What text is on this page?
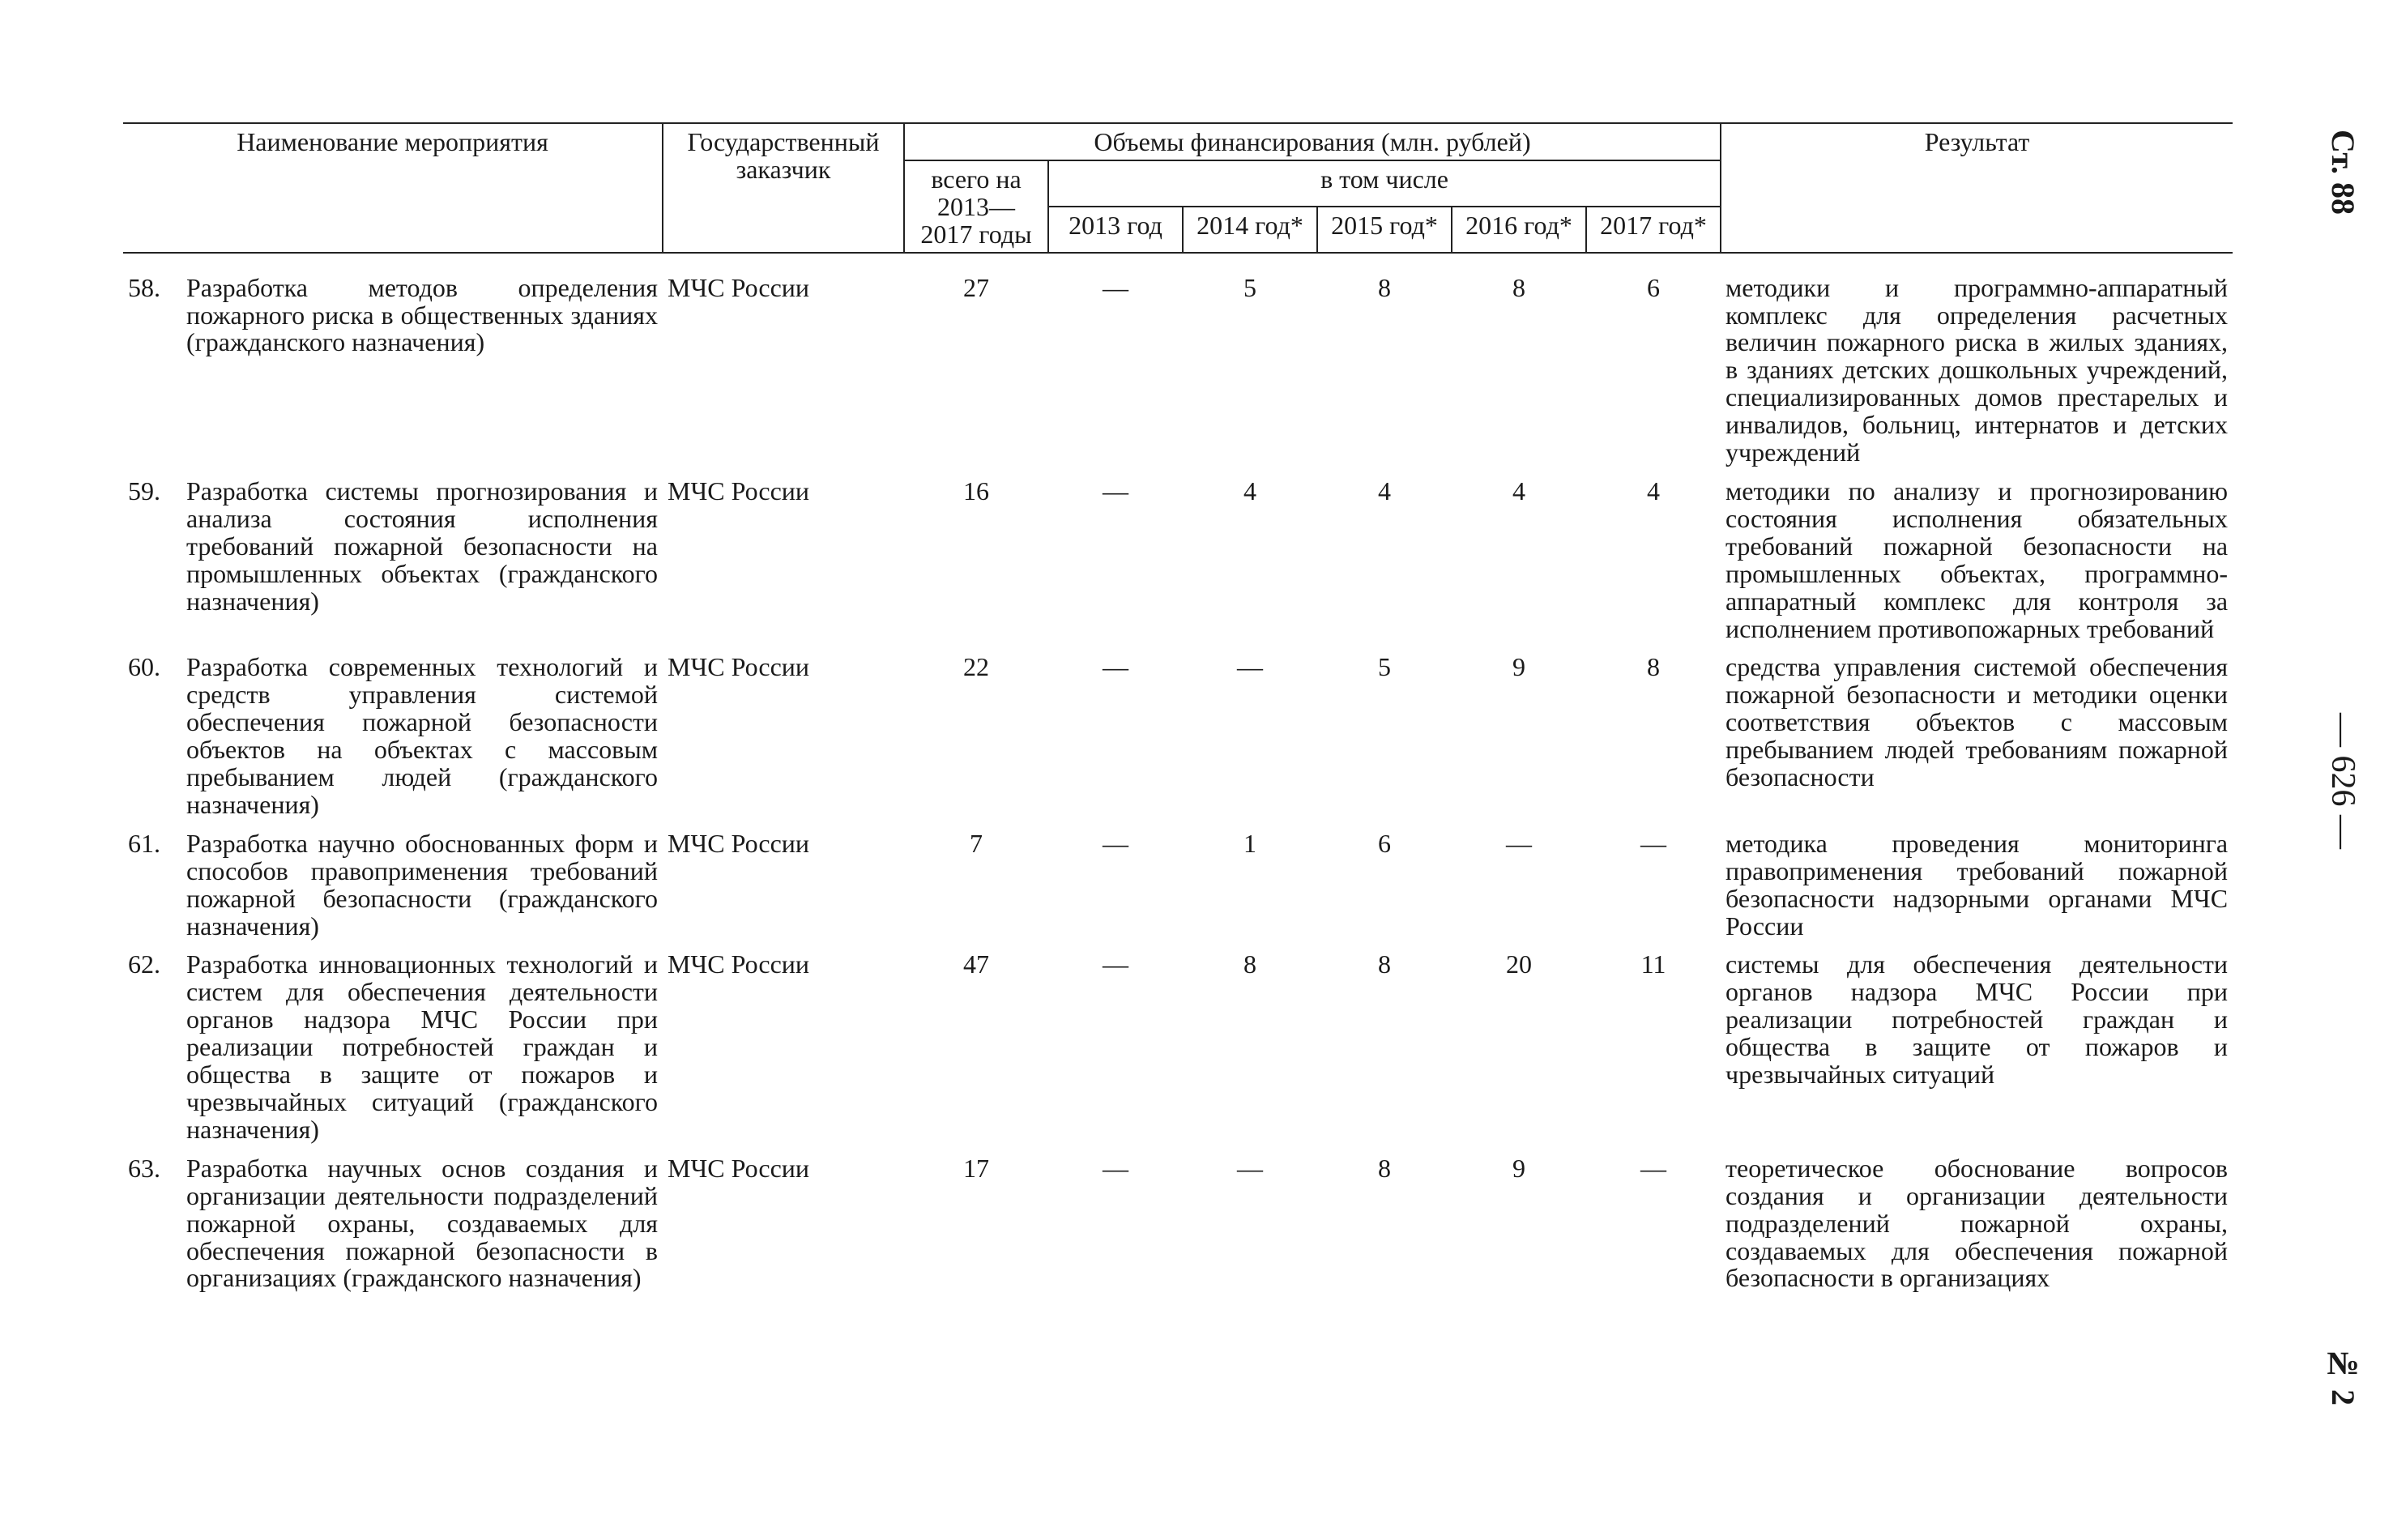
Наименование мероприятия	Государственный заказчик	Объемы финансирования (млн. рублей)						Результат
		всего на 2013— 2017 годы	в том числе					
			2013 год	2014 год*	2015 год*	2016 год*	2017 год*	

58. Разработка методов определения пожарного риска в общественных зданиях (гражданского назначения)	МЧС России	27	—	5	8	8	6	методики и программно-аппаратный комплекс для определения расчетных величин пожарного риска в жилых зданиях, в зданиях детских дошкольных учреждений, специализированных домов престарелых и инвалидов, больниц, интернатов и детских учреждений

59. Разработка системы прогнозирования и анализа состояния исполнения требований пожарной безопасности на промышленных объектах (гражданского назначения)	МЧС России	16	—	4	4	4	4	методики по анализу и прогнозированию состояния исполнения обязательных требований пожарной безопасности на промышленных объектах, программно-аппаратный комплекс для контроля за исполнением противопожарных требований

60. Разработка современных технологий и средств управления системой обеспечения пожарной безопасности объектов на объектах с массовым пребыванием людей (гражданского назначения)	МЧС России	22	—	—	5	9	8	средства управления системой обеспечения пожарной безопасности и методики оценки соответствия объектов с массовым пребыванием людей требованиям пожарной безопасности

61. Разработка научно обоснованных форм и способов правоприменения требований пожарной безопасности (гражданского назначения)	МЧС России	7	—	1	6	—	—	методика проведения мониторинга правоприменения требований пожарной безопасности надзорными органами МЧС России

62. Разработка инновационных технологий и систем для обеспечения деятельности органов надзора МЧС России при реализации потребностей граждан и общества в защите от пожаров и чрезвычайных ситуаций (гражданского назначения)	МЧС России	47	—	8	8	20	11	системы для обеспечения деятельности органов надзора МЧС России при реализации потребностей граждан и общества в защите от пожаров и чрезвычайных ситуаций

63. Разработка научных основ создания и организации деятельности подразделений пожарной охраны, создаваемых для обеспечения пожарной безопасности в организациях (гражданского назначения)	МЧС России	17	—	—	8	9	—	теоретическое обоснование вопросов создания и организации деятельности подразделений пожарной охраны, создаваемых для обеспечения пожарной безопасности в организациях
Ст. 88
— 626 —
№ 2
